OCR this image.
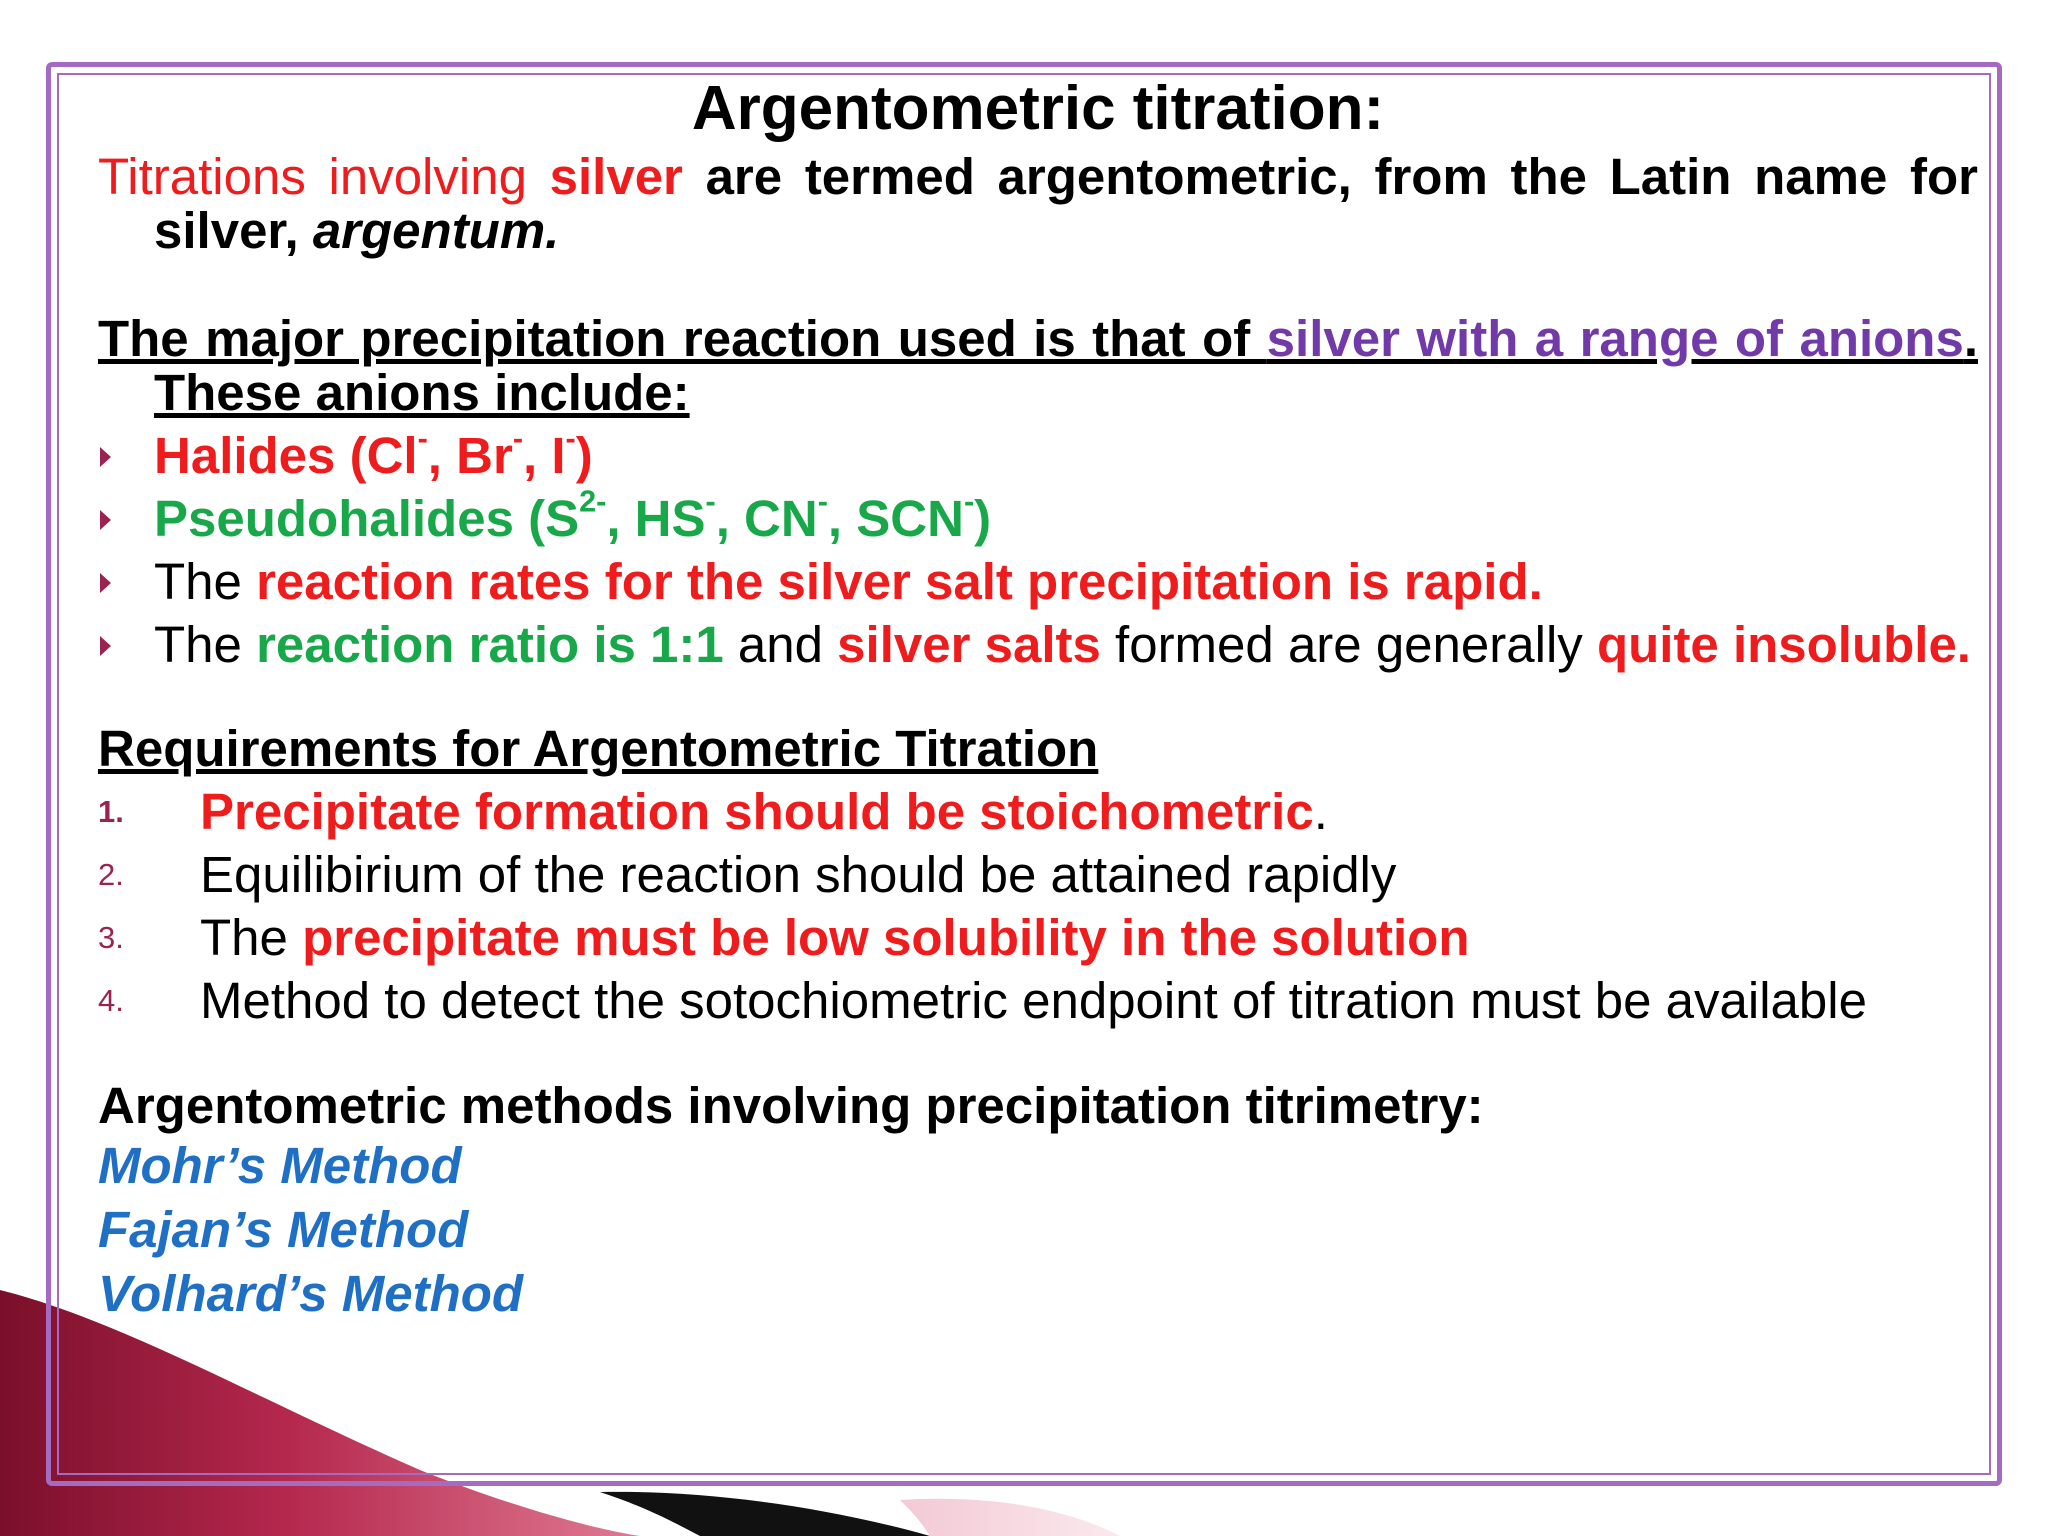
Argentometric titration:

Titrations involving silver are termed argentometric, from the Latin name for silver, argentum.

The major precipitation reaction used is that of silver with a range of anions. These anions include:

Halides (Cl-, Br-, I-)
Pseudohalides ($S^{2-}$, HS-, CN-, SCN-)
The reaction rates for the silver salt precipitation is rapid.
The reaction ratio is 1:1 and silver salts formed are generally quite insoluble.

Requirements for Argentometric Titration

1. Precipitate formation should be stoichometric.
2. Equilibirium of the reaction should be attained rapidly
3. The precipitate must be low solubility in the solution
4. Method to detect the sotochiometric endpoint of titration must be available
Argentometric methods involving precipitation titrimetry:
Mohr’s Method
Fajan’s Method
Volhard’s Method
